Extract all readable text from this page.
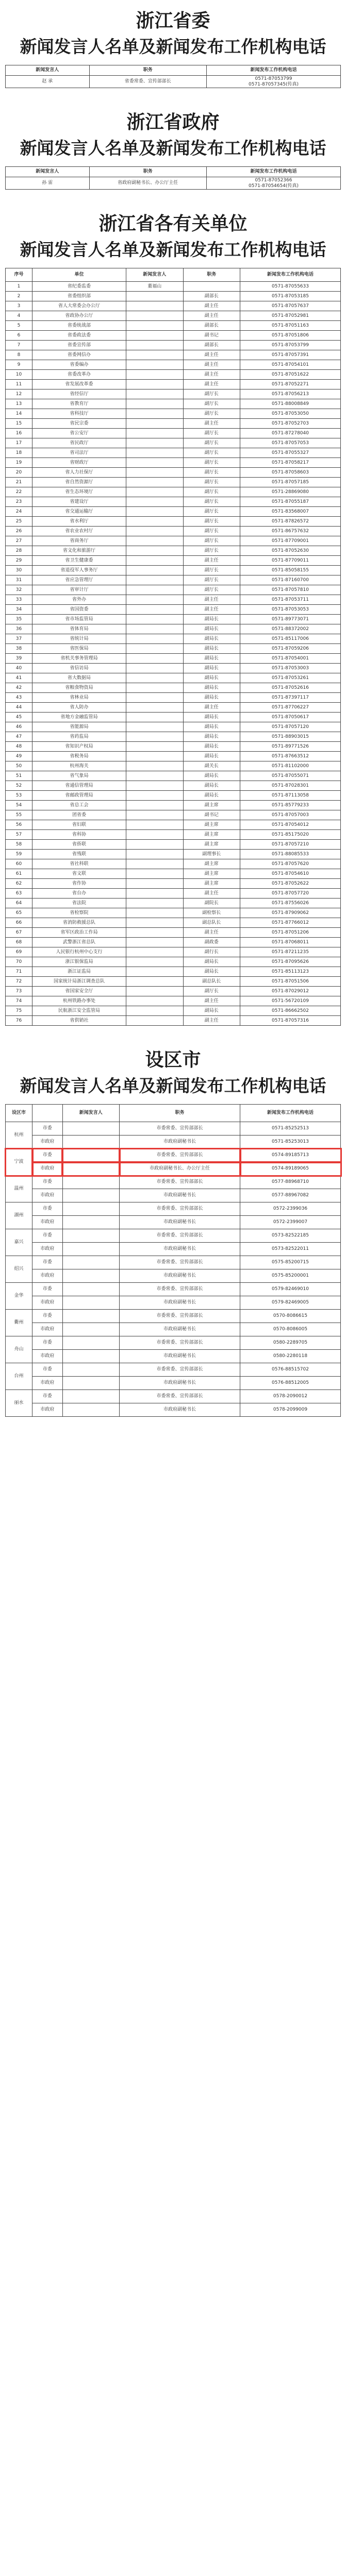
浙江省委
新闻发言人名单及新闻发布工作机构电话
新闻发言人	职务	新闻发布工作机构电话
赵 承	省委常委、宣传部部长	0571-87053799
0571-87057345(传真)
浙江省政府
新闻发言人名单及新闻发布工作机构电话
新闻发言人	职务	新闻发布工作机构电话
孙 雷	省政府副秘书长、办公厅主任	0571-87052366
0571-87054654(传真)
浙江省各有关单位
新闻发言人名单及新闻发布工作机构电话
序号	单位	新闻发言人	职务	新闻发布工作机构电话
1	省纪委监委	董福山		0571-87055633
2	省委组织部		副部长	0571-87053185
3	省人大常委会办公厅		副主任	0571-87057637
4	省政协办公厅		副主任	0571-87052981
5	省委统战部		副部长	0571-87051163
6	省委政法委		副书记	0571-87051806
7	省委宣传部		副部长	0571-87053799
8	省委网信办		副主任	0571-87057391
9	省委编办		副主任	0571-87054101
10	省委改革办		副主任	0571-87051622
11	省发展改革委		副主任	0571-87052271
12	省经信厅		副厅长	0571-87056213
13	省教育厅		副厅长	0571-88008849
14	省科技厅		副厅长	0571-87053050
15	省民宗委		副主任	0571-87052703
16	省公安厅		副厅长	0571-87278040
17	省民政厅		副厅长	0571-87057053
18	省司法厅		副厅长	0571-87055327
19	省财政厅		副厅长	0571-87058217
20	省人力社保厅		副厅长	0571-87058603
21	省自然资源厅		副厅长	0571-87057185
22	省生态环境厅		副厅长	0571-28869080
23	省建设厅		副厅长	0571-87055187
24	省交通运输厅		副厅长	0571-83568007
25	省水利厅		副厅长	0571-87826572
26	省农业农村厅		副厅长	0571-86757632
27	省商务厅		副厅长	0571-87709001
28	省文化和旅游厅		副厅长	0571-87052630
29	省卫生健康委		副主任	0571-87709011
30	省退役军人事务厅		副厅长	0571-85058155
31	省应急管理厅		副厅长	0571-87160700
32	省审计厅		副厅长	0571-87057810
33	省外办		副主任	0571-87053711
34	省国资委		副主任	0571-87053053
35	省市场监管局		副局长	0571-89773071
36	省体育局		副局长	0571-88372002
37	省统计局		副局长	0571-85117006
38	省医保局		副局长	0571-87059206
39	省机关事务管理局		副局长	0571-87054001
40	省信访局		副局长	0571-87053003
41	省大数据局		副局长	0571-87053261
42	省粮食物资局		副局长	0571-87052616
43	省林业局		副局长	0571-87397117
44	省人防办		副主任	0571-87706227
45	省地方金融监管局		副局长	0571-87050617
46	省能源局		副局长	0571-87057120
47	省药监局		副局长	0571-88903015
48	省知识产权局		副局长	0571-89771526
49	省税务局		副局长	0571-87663512
50	杭州海关		副关长	0571-81102000
51	省气象局		副局长	0571-87055071
52	省通信管理局		副局长	0571-87028301
53	省邮政管理局		副局长	0571-87113058
54	省总工会		副主席	0571-85779233
55	团省委		副书记	0571-87057003
56	省妇联		副主席	0571-87054012
57	省科协		副主席	0571-85175020
58	省侨联		副主席	0571-87057210
59	省残联		副理事长	0571-88085533
60	省社科联		副主席	0571-87057620
61	省文联		副主席	0571-87054610
62	省作协		副主席	0571-87052622
63	省台办		副主任	0571-87057720
64	省法院		副院长	0571-87556026
65	省检察院		副检察长	0571-87909062
66	省消防救援总队		副总队长	0571-87766012
67	省军区政治工作局		副主任	0571-87051206
68	武警浙江省总队		副政委	0571-87068011
69	人民银行杭州中心支行		副行长	0571-87211235
70	浙江银保监局		副局长	0571-87095626
71	浙江证监局		副局长	0571-85113123
72	国家统计局浙江调查总队		副总队长	0571-87051506
73	省国家安全厅		副厅长	0571-87029012
74	杭州铁路办事处		副主任	0571-56720109
75	民航浙江安全监管局		副局长	0571-86662502
76	省供销社		副主任	0571-87057316
设区市
新闻发言人名单及新闻发布工作机构电话
设区市		新闻发言人	职务	新闻发布工作机构电话
杭州	市委		市委常委、宣传部部长	0571-85252513
	市政府		市政府副秘书长	0571-85253013
宁波	市委		市委常委、宣传部部长	0574-89185713
	市政府		市政府副秘书长、办公厅主任	0574-89189065
温州	市委		市委常委、宣传部部长	0577-88968710
	市政府		市政府副秘书长	0577-88967082
湖州	市委		市委常委、宣传部部长	0572-2399036
	市政府		市政府副秘书长	0572-2399007
嘉兴	市委		市委常委、宣传部部长	0573-82522185
	市政府		市政府副秘书长	0573-82522011
绍兴	市委		市委常委、宣传部部长	0575-85200715
	市政府		市政府副秘书长	0575-85200001
金华	市委		市委常委、宣传部部长	0579-82469010
	市政府		市政府副秘书长	0579-82469005
衢州	市委		市委常委、宣传部部长	0570-8086615
	市政府		市政府副秘书长	0570-8086005
舟山	市委		市委常委、宣传部部长	0580-2289705
	市政府		市政府副秘书长	0580-2280118
台州	市委		市委常委、宣传部部长	0576-88515702
	市政府		市政府副秘书长	0576-88512005
丽水	市委		市委常委、宣传部部长	0578-2090012
	市政府		市政府副秘书长	0578-2099009
